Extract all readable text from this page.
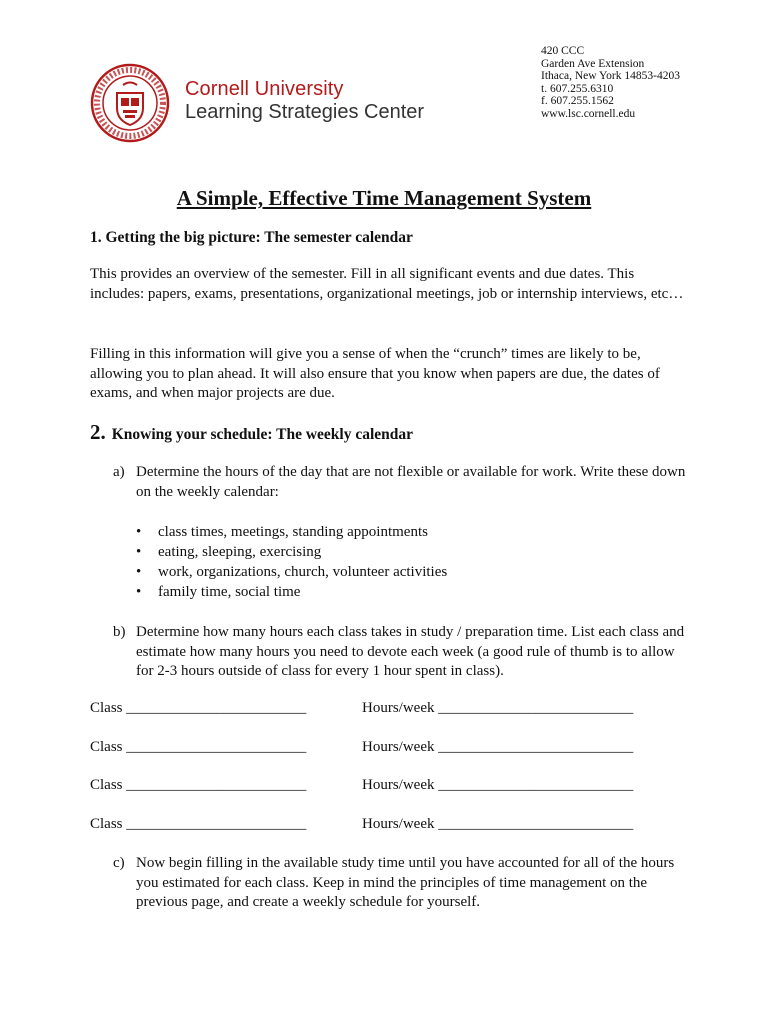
Cornell University
Learning Strategies Center
420 CCC
Garden Ave Extension
Ithaca, New York 14853-4203
t. 607.255.6310
f. 607.255.1562
www.lsc.cornell.edu
A Simple, Effective Time Management System
1. Getting the big picture: The semester calendar
This provides an overview of the semester. Fill in all significant events and due dates. This includes: papers, exams, presentations, organizational meetings, job or internship interviews, etc…
Filling in this information will give you a sense of when the “crunch” times are likely to be, allowing you to plan ahead. It will also ensure that you know when papers are due, the dates of exams, and when major projects are due.
2. Knowing your schedule: The weekly calendar
a) Determine the hours of the day that are not flexible or available for work. Write these down on the weekly calendar:
• class times, meetings, standing appointments
• eating, sleeping, exercising
• work, organizations, church, volunteer activities
• family time, social time
b) Determine how many hours each class takes in study / preparation time. List each class and estimate how many hours you need to devote each week (a good rule of thumb is to allow for 2-3 hours outside of class for every 1 hour spent in class).
Class ________________________	Hours/week __________________________
Class ________________________	Hours/week __________________________
Class ________________________	Hours/week __________________________
Class ________________________	Hours/week __________________________
c) Now begin filling in the available study time until you have accounted for all of the hours you estimated for each class. Keep in mind the principles of time management on the previous page, and create a weekly schedule for yourself.
